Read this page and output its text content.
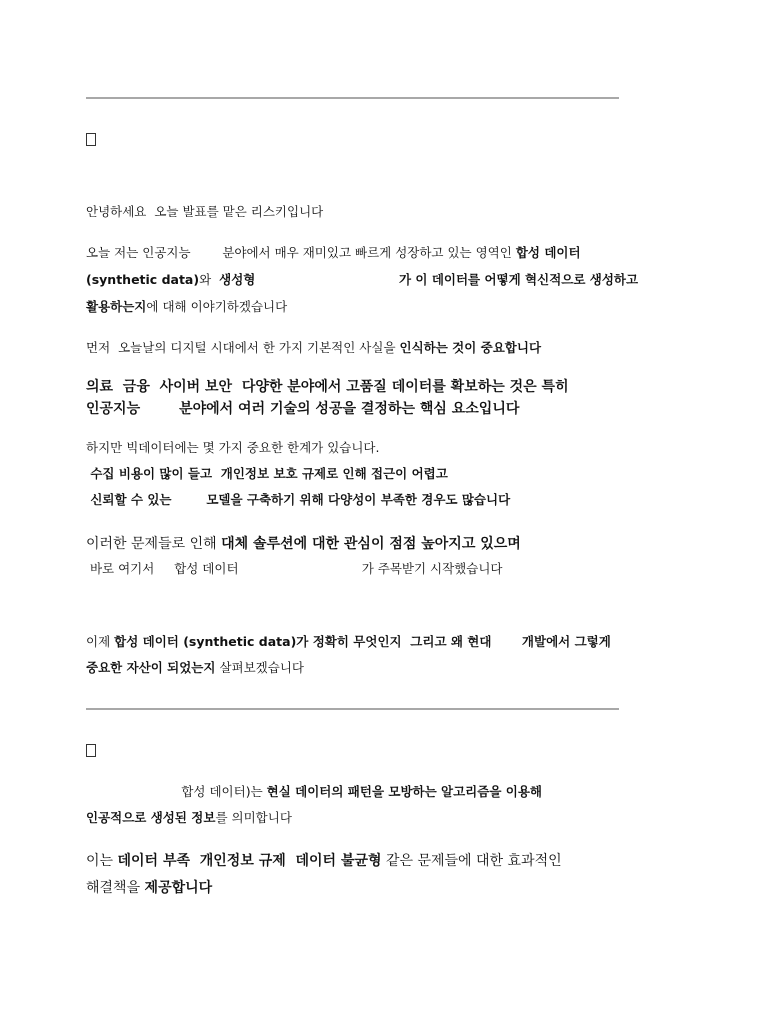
안녕하세요  오늘 발표를 맡은 리스키입니다
오늘 저는 인공지능        분야에서 매우 재미있고 빠르게 성장하고 있는 영역인 합성 데이터
(synthetic data)와  생성형                                 가 이 데이터를 어떻게 혁신적으로 생성하고
활용하는지에 대해 이야기하겠습니다
먼저  오늘날의 디지털 시대에서 한 가지 기본적인 사실을 인식하는 것이 중요합니다
의료  금융  사이버 보안  다양한 분야에서 고품질 데이터를 확보하는 것은 특히
인공지능        분야에서 여러 기술의 성공을 결정하는 핵심 요소입니다
하지만 빅데이터에는 몇 가지 중요한 한계가 있습니다.
수집 비용이 많이 들고  개인정보 보호 규제로 인해 접근이 어렵고
신뢰할 수 있는        모델을 구축하기 위해 다양성이 부족한 경우도 많습니다
이러한 문제들로 인해 대체 솔루션에 대한 관심이 점점 높아지고 있으며
바로 여기서     합성 데이터                               가 주목받기 시작했습니다
이제 합성 데이터 (synthetic data)가 정확히 무엇인지  그리고 왜 현대       개발에서 그렇게
중요한 자산이 되었는지 살펴보겠습니다
합성 데이터)는 현실 데이터의 패턴을 모방하는 알고리즘을 이용해
인공적으로 생성된 정보를 의미합니다
이는 데이터 부족  개인정보 규제  데이터 불균형 같은 문제들에 대한 효과적인
해결책을 제공합니다
